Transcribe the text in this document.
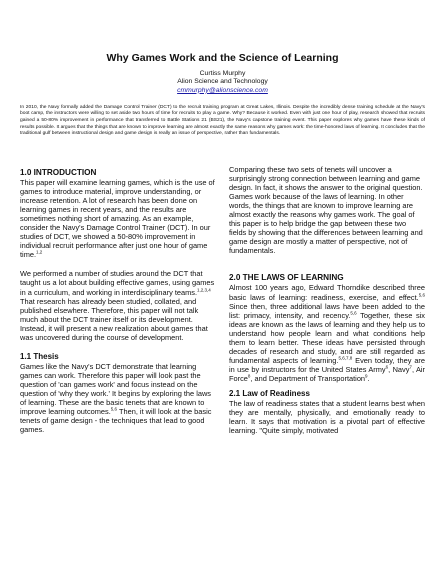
Why Games Work and the Science of Learning
Curtiss Murphy
Alion Science and Technology
cmmurphy@alionscience.com

In 2010, the Navy formally added the Damage Control Trainer (DCT) to the recruit training program at Great Lakes, Illinois. Despite the incredibly dense training schedule at the Navy's boot camp, the instructors were willing to set aside two hours of time for recruits to play a game. Why? Because it worked. Even with just one hour of play, research showed that recruits gained a 50-80% improvement in performance that transferred to Battle Stations 21 (BS21), the Navy's capstone training event. This paper explores why games have these kinds of results possible. It argues that the things that are known to improve learning are almost exactly the same reasons why games work: the time-honored laws of learning. It concludes that the traditional gulf between instructional design and game design is really an issue of perspective, rather than fundamentals.

1.0 INTRODUCTION

This paper will examine learning games, which is the use of games to introduce material, improve understanding, or increase retention. A lot of research has been done on learning games in recent years, and the results are sometimes nothing short of amazing. As an example, consider the Navy's Damage Control Trainer (DCT). In our studies of DCT, we showed a 50-80% improvement in individual recruit performance after just one hour of game time.$^{1,2}$

We performed a number of studies around the DCT that taught us a lot about building effective games, using games in a curriculum, and working in interdisciplinary teams.$^{1,2,3,4}$ That research has already been studied, collated, and published elsewhere. Therefore, this paper will not talk much about the DCT trainer itself or its development. Instead, it will present a new realization about games that was uncovered during the course of development.

1.1 Thesis

Games like the Navy's DCT demonstrate that learning games can work. Therefore this paper will look past the question of 'can games work' and focus instead on the question of 'why they work.' It begins by exploring the laws of learning. These are the basic tenets that are known to improve learning outcomes.$^{5,6}$ Then, it will look at the basic tenets of game design - the techniques that lead to good games.

Comparing these two sets of tenets will uncover a surprisingly strong connection between learning and game design. In fact, it shows the answer to the original question. Games work because of the laws of learning. In other words, the things that are known to improve learning are almost exactly the reasons why games work. The goal of this paper is to help bridge the gap between these two fields by showing that the differences between learning and game design are mostly a matter of perspective, not of fundamentals.

2.0 THE LAWS OF LEARNING

Almost 100 years ago, Edward Thorndike described three basic laws of learning: readiness, exercise, and effect.$^{5,6}$ Since then, three additional laws have been added to the list: primacy, intensity, and recency.$^{5,6}$ Together, these six ideas are known as the laws of learning and they help us to understand how people learn and what conditions help them to learn better. These ideas have persisted through decades of research and study, and are still regarded as fundamental aspects of learning.$^{5,6,7,8}$ Even today, they are in use by instructors for the United States Army$^6$, Navy$^7$, Air Force$^8$, and Department of Transportation$^9$.

2.1 Law of Readiness

The law of readiness states that a student learns best when they are mentally, physically, and emotionally ready to learn. It says that motivation is a pivotal part of effective learning. "Quite simply, motivated
